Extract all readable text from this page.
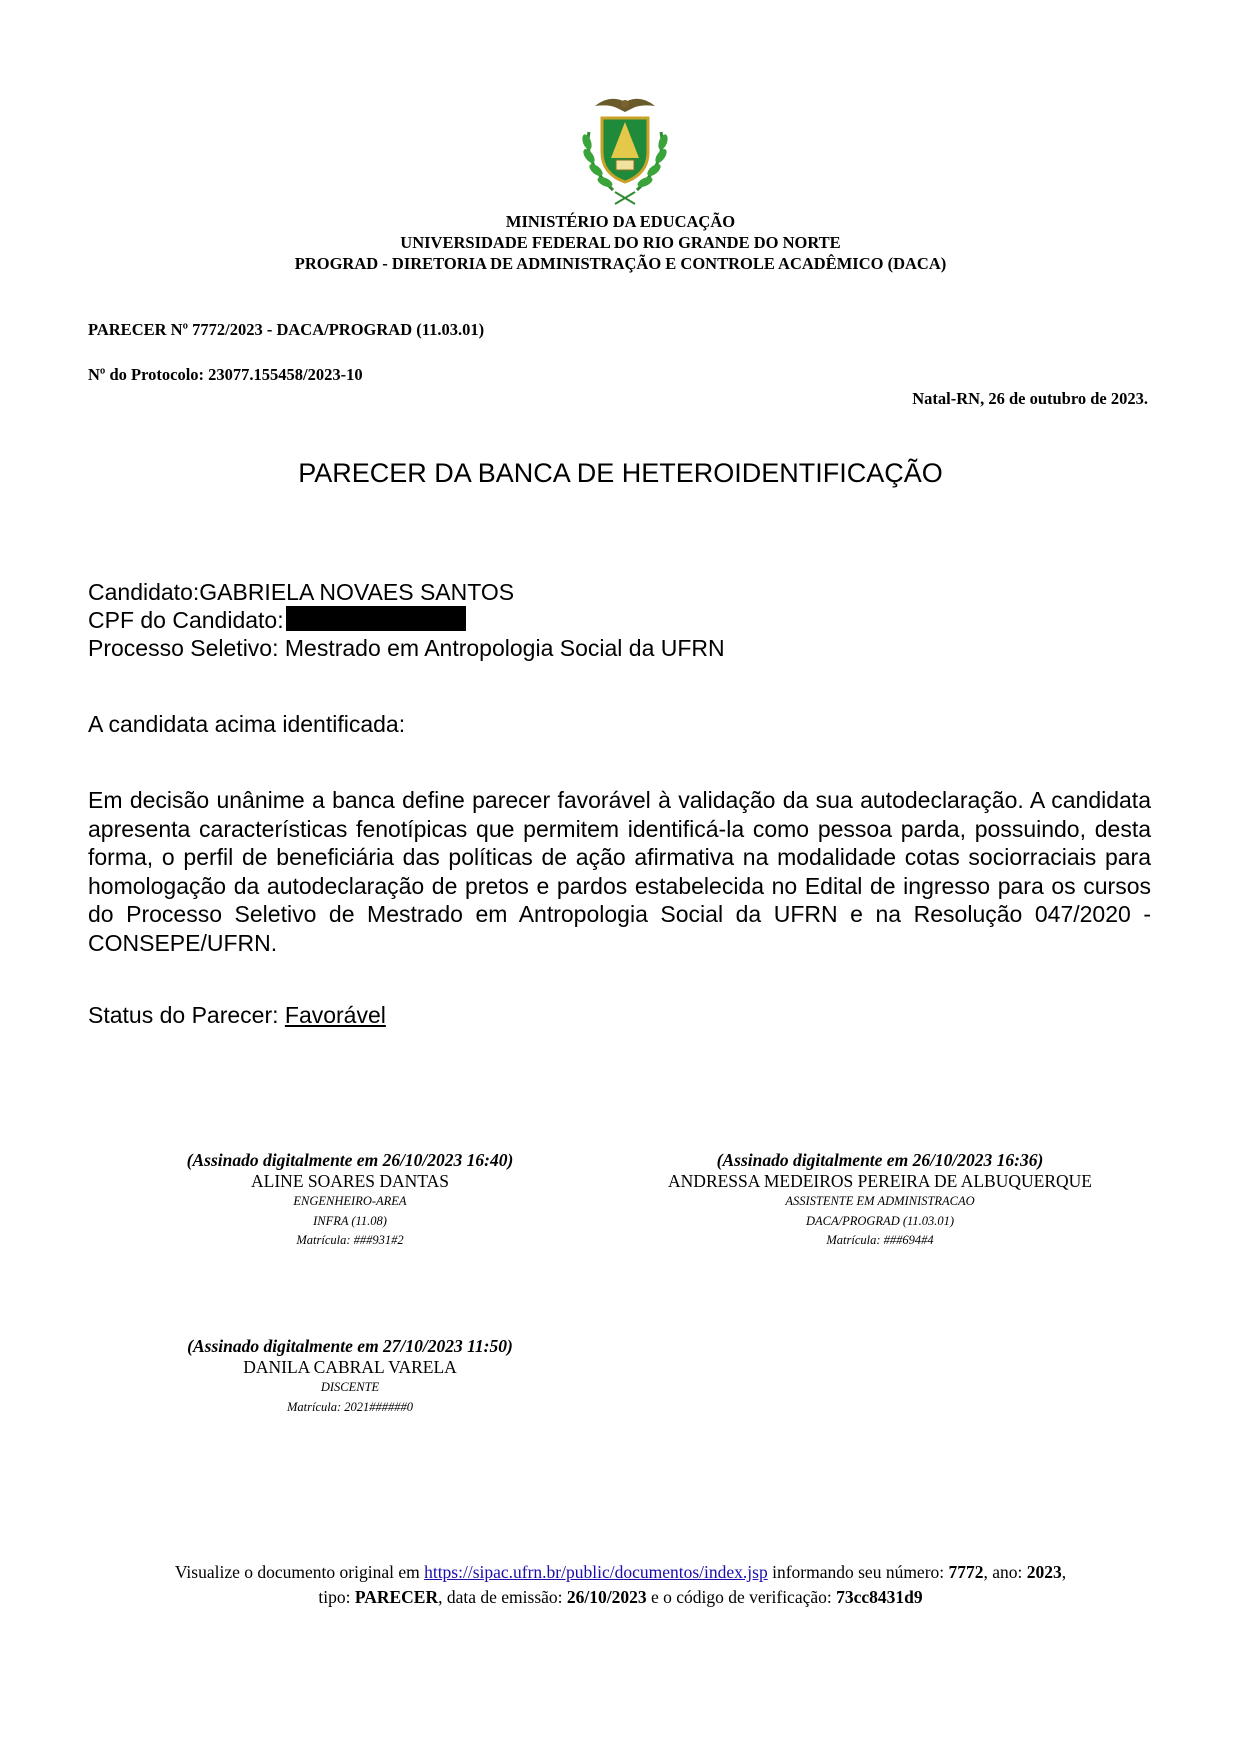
MINISTÉRIO DA EDUCAÇÃO
UNIVERSIDADE FEDERAL DO RIO GRANDE DO NORTE
PROGRAD - DIRETORIA DE ADMINISTRAÇÃO E CONTROLE ACADÊMICO (DACA)
PARECER Nº 7772/2023 - DACA/PROGRAD (11.03.01)
Nº do Protocolo: 23077.155458/2023-10
Natal-RN, 26 de outubro de 2023.
PARECER DA BANCA DE HETEROIDENTIFICAÇÃO
Candidato:GABRIELA NOVAES SANTOS
CPF do Candidato:
Processo Seletivo: Mestrado em Antropologia Social da UFRN
A candidata acima identificada:
Em decisão unânime a banca define parecer favorável à validação da sua autodeclaração. A candidata apresenta características fenotípicas que permitem identificá-la como pessoa parda, possuindo, desta forma, o perfil de beneficiária das políticas de ação afirmativa na modalidade cotas sociorraciais para homologação da autodeclaração de pretos e pardos estabelecida no Edital de ingresso para os cursos do Processo Seletivo de Mestrado em Antropologia Social da UFRN e na Resolução 047/2020 - CONSEPE/UFRN.
Status do Parecer: Favorável
(Assinado digitalmente em 26/10/2023 16:40)
ALINE SOARES DANTAS
ENGENHEIRO-AREA
INFRA (11.08)
Matrícula: ###931#2
(Assinado digitalmente em 26/10/2023 16:36)
ANDRESSA MEDEIROS PEREIRA DE ALBUQUERQUE
ASSISTENTE EM ADMINISTRACAO
DACA/PROGRAD (11.03.01)
Matrícula: ###694#4
(Assinado digitalmente em 27/10/2023 11:50)
DANILA CABRAL VARELA
DISCENTE
Matrícula: 2021######0
Visualize o documento original em https://sipac.ufrn.br/public/documentos/index.jsp informando seu número: 7772, ano: 2023,
tipo: PARECER, data de emissão: 26/10/2023 e o código de verificação: 73cc8431d9
